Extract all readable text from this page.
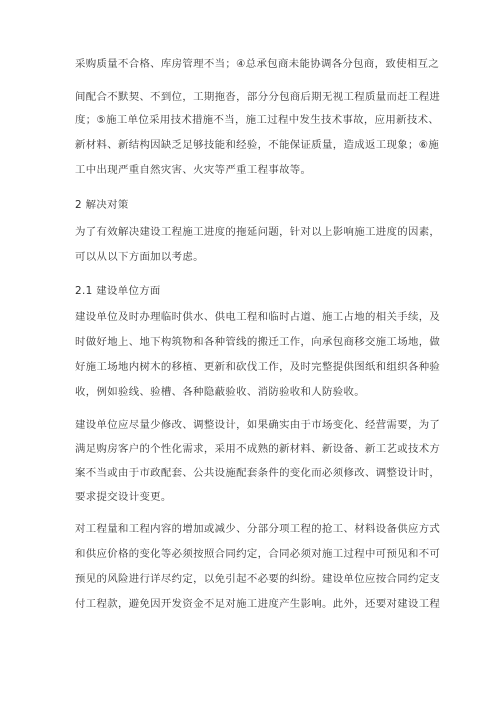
采购质量不合格、库房管理不当；④总承包商未能协调各分包商，致使相互之
间配合不默契、不到位，工期拖沓，部分分包商后期无视工程质量而赶工程进
度；⑤施工单位采用技术措施不当，施工过程中发生技术事故，应用新技术、
新材料、新结构因缺乏足够技能和经验，不能保证质量，造成返工现象；⑥施
工中出现严重自然灾害、火灾等严重工程事故等。
2 解决对策
为了有效解决建设工程施工进度的拖延问题，针对以上影响施工进度的因素，
可以从以下方面加以考虑。
2.1 建设单位方面
建设单位及时办理临时供水、供电工程和临时占道、施工占地的相关手续，及
时做好地上、地下构筑物和各种管线的搬迁工作，向承包商移交施工场地，做
好施工场地内树木的移植、更新和砍伐工作，及时完整提供图纸和组织各种验
收，例如验线、验槽、各种隐蔽验收、消防验收和人防验收。
建设单位应尽量少修改、调整设计，如果确实由于市场变化、经营需要，为了
满足购房客户的个性化需求，采用不成熟的新材料、新设备、新工艺或技术方
案不当或由于市政配套、公共设施配套条件的变化而必须修改、调整设计时，
要求提交设计变更。
对工程量和工程内容的增加或减少、分部分项工程的抢工、材料设备供应方式
和供应价格的变化等必须按照合同约定，合同必须对施工过程中可预见和不可
预见的风险进行详尽约定，以免引起不必要的纠纷。建设单位应按合同约定支
付工程款，避免因开发资金不足对施工进度产生影响。此外，还要对建设工程
